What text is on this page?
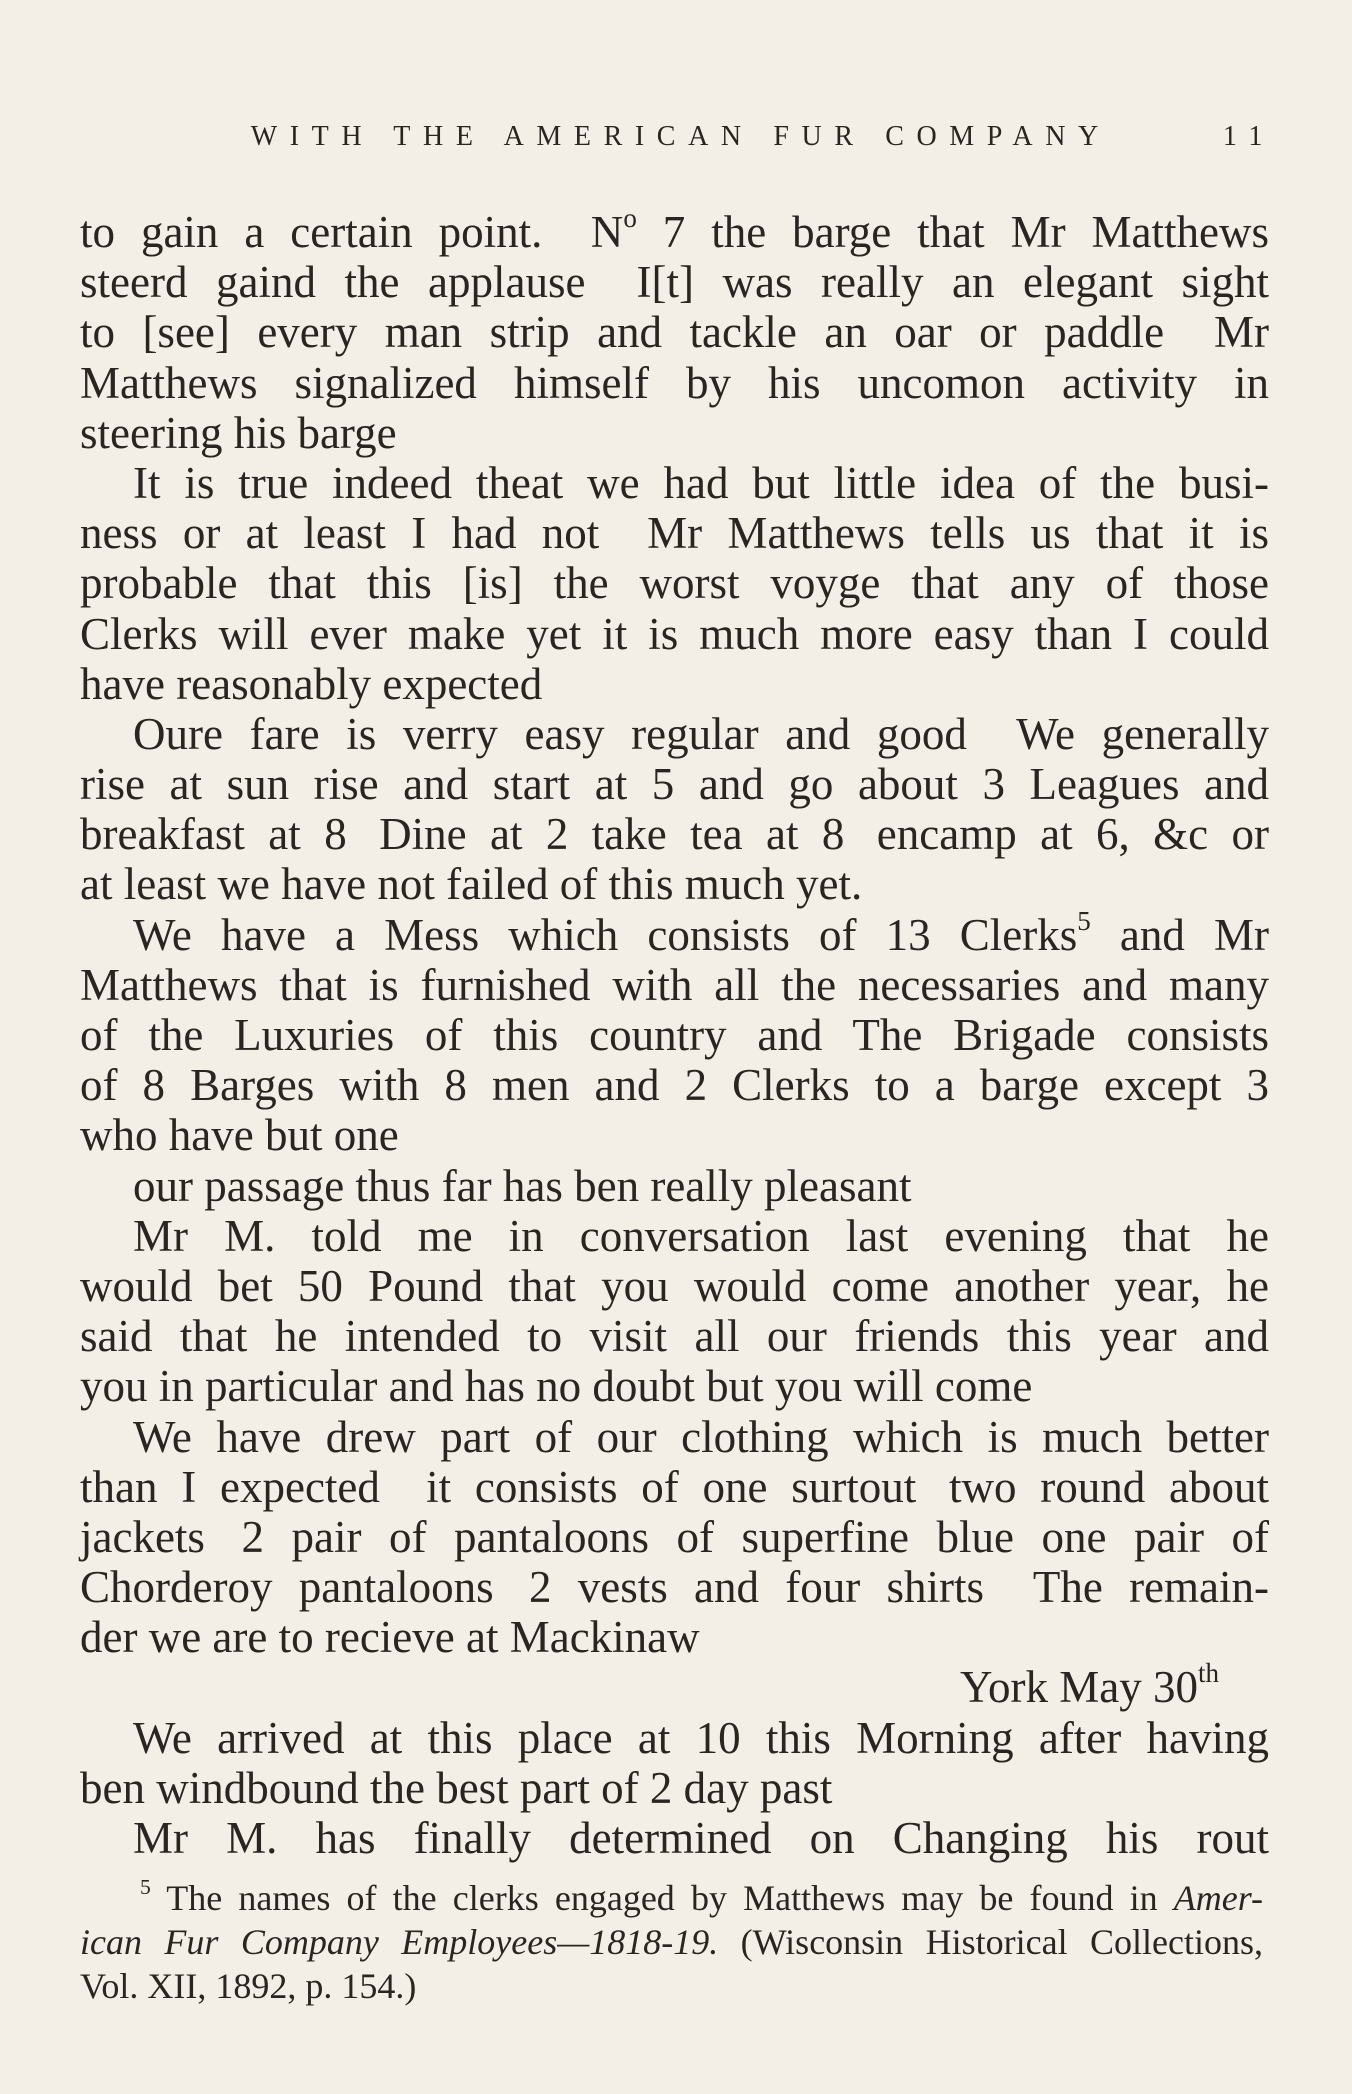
WITH THE AMERICAN FUR COMPANY	11
to gain a certain point.  $N^o$ 7 the barge that Mr Matthews
steerd gaind the applause  I[t] was really an elegant sight
to [see] every man strip and tackle an oar or paddle  Mr
Matthews signalized himself by his uncomon activity in
steering his barge
It is true indeed theat we had but little idea of the busi-
ness or at least I had not  Mr Matthews tells us that it is
probable that this [is] the worst voyge that any of those
Clerks will ever make yet it is much more easy than I could
have reasonably expected
Oure fare is verry easy regular and good  We generally
rise at sun rise and start at 5 and go about 3 Leagues and
breakfast at 8  Dine at 2 take tea at 8  encamp at 6, &c or
at least we have not failed of this much yet.
We have a Mess which consists of 13 Clerks$^5$ and Mr
Matthews that is furnished with all the necessaries and many
of the Luxuries of this country and The Brigade consists
of 8 Barges with 8 men and 2 Clerks to a barge except 3
who have but one
our passage thus far has ben really pleasant
Mr M. told me in conversation last evening that he
would bet 50 Pound that you would come another year, he
said that he intended to visit all our friends this year and
you in particular and has no doubt but you will come
We have drew part of our clothing which is much better
than I expected  it consists of one surtout  two round about
jackets  2 pair of pantaloons of superfine blue one pair of
Chorderoy pantaloons  2 vests and four shirts  The remain-
der we are to recieve at Mackinaw
York May 30th
We arrived at this place at 10 this Morning after having
ben windbound the best part of 2 day past
Mr M. has finally determined on Changing his rout
$^5$ The names of the clerks engaged by Matthews may be found in Amer-
ican Fur Company Employees—1818-19. (Wisconsin Historical Collections,
Vol. XII, 1892, p. 154.)
